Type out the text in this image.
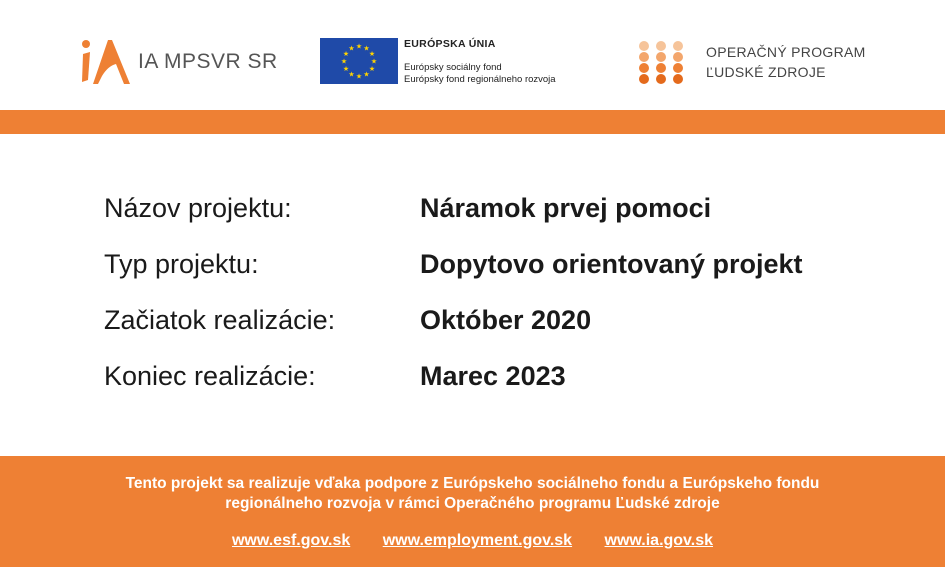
IA MPSVR SR
★ ★
★
★
★
★
★
★
★
★
★
★	EURÓPSKA ÚNIA
Európsky sociálny fond
Európsky fond regionálneho rozvoja
OPERAČNÝ PROGRAM
ĽUDSKÉ ZDROJE
Názov projektu:	Náramok prvej pomoci
Typ projektu:	Dopytovo orientovaný projekt
Začiatok realizácie:	Október 2020
Koniec realizácie:	Marec 2023
Tento projekt sa realizuje vďaka podpore z Európskeho sociálneho fondu a Európskeho fondu
regionálneho rozvoja v rámci Operačného programu Ľudské zdroje
www.esf.gov.sk www.employment.gov.sk www.ia.gov.sk
